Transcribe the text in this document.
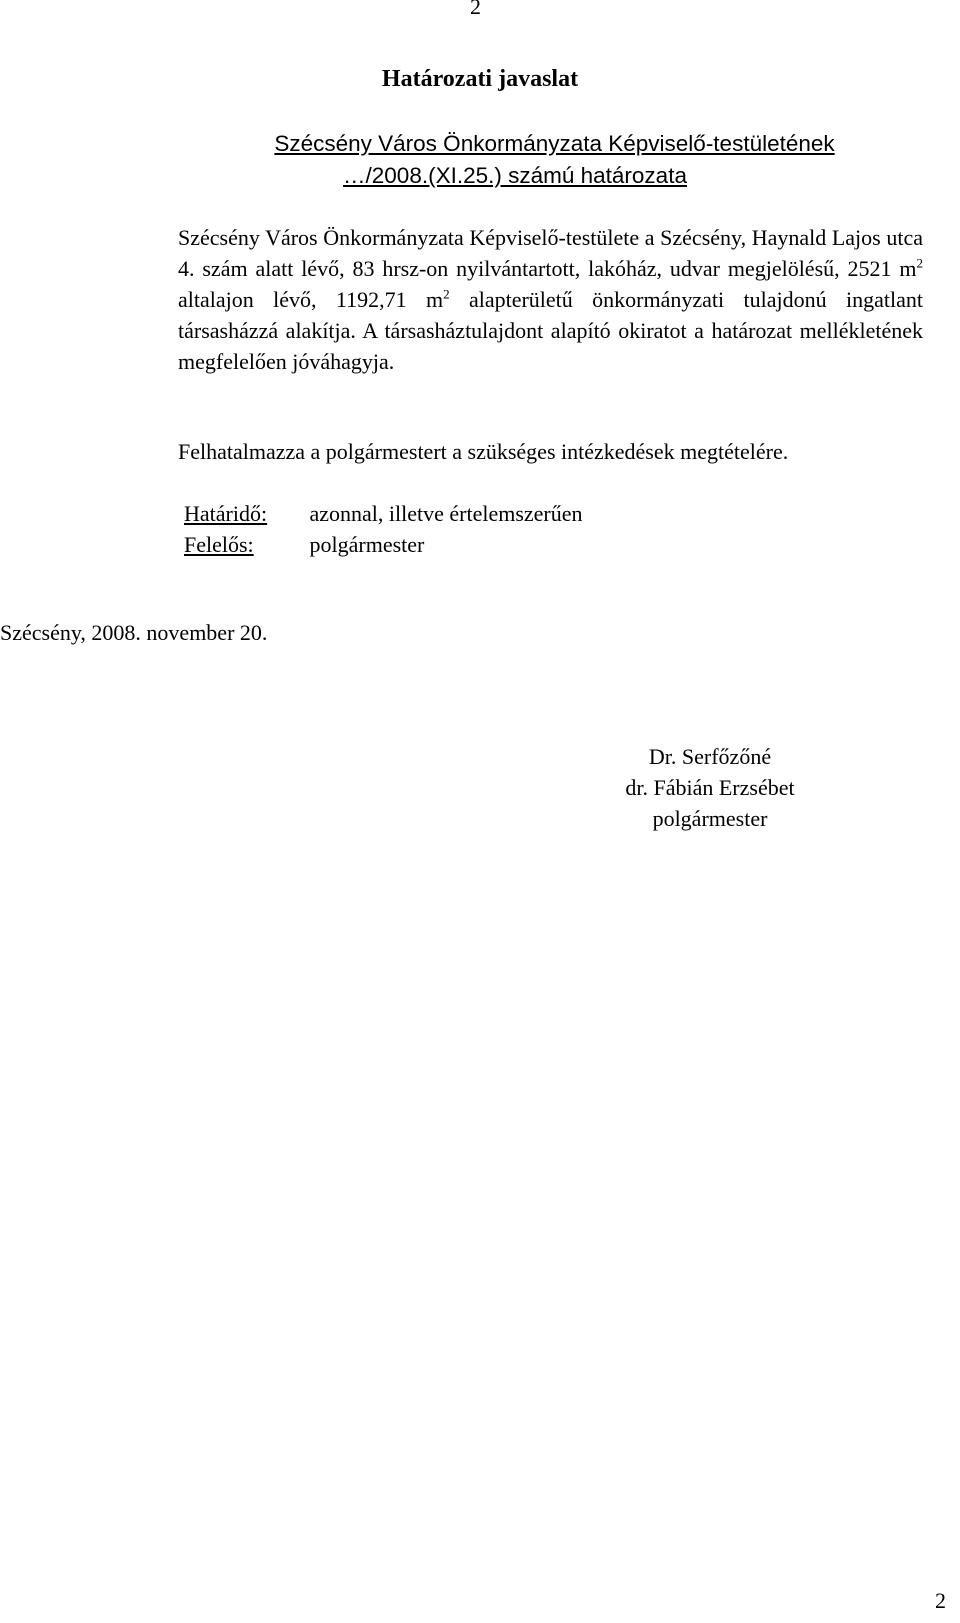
2
Határozati javaslat
Szécsény Város Önkormányzata Képviselő-testületének
…/2008.(XI.25.) számú határozata
Szécsény Város Önkormányzata Képviselő-testülete a Szécsény, Haynald Lajos utca 4. szám alatt lévő, 83 hrsz-on nyilvántartott, lakóház, udvar megjelölésű, 2521 $m^2$ altalajon lévő, 1192,71 $m^2$ alapterületű önkormányzati tulajdonú ingatlant társasházzá alakítja. A társasháztulajdont alapító okiratot a határozat mellékletének megfelelően jóváhagyja.
Felhatalmazza a polgármestert a szükséges intézkedések megtételére.
Határidő: azonnal, illetve értelemszerűen
Felelős:	polgármester
Szécsény, 2008. november 20.
Dr. Serfőzőné
dr. Fábián Erzsébet
polgármester
2
